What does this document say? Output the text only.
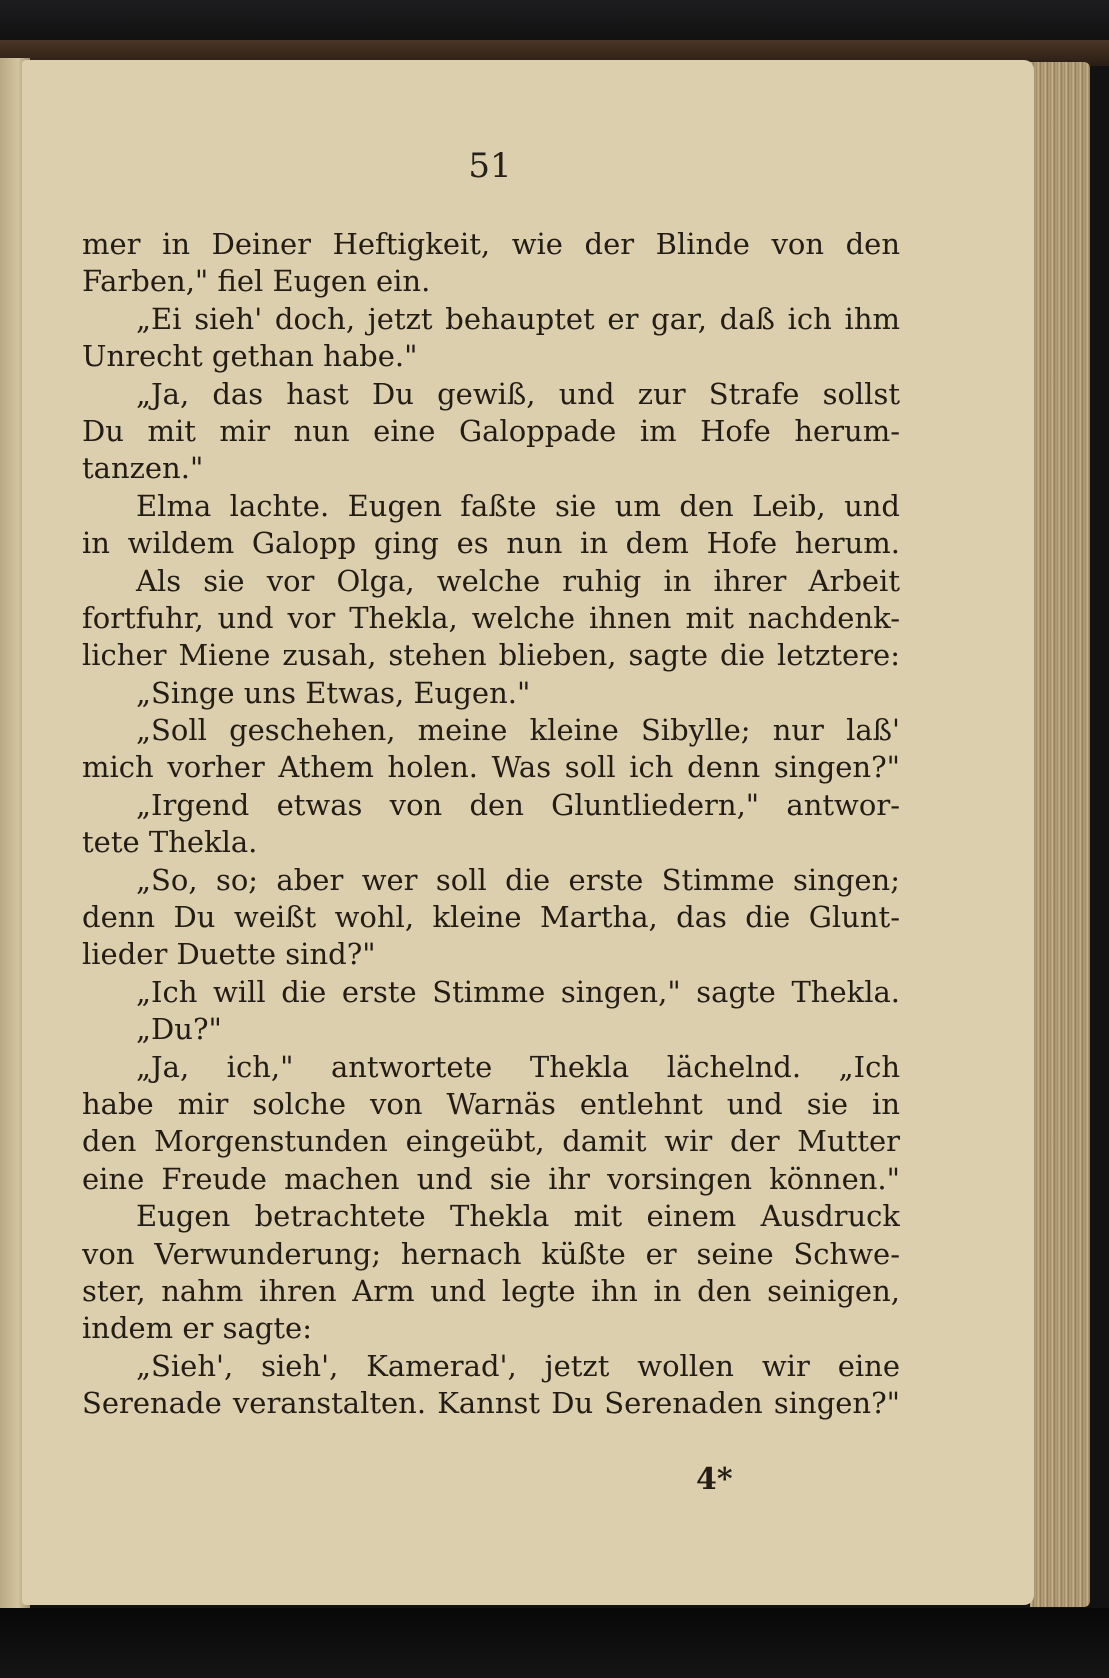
51
mer in Deiner Heftigkeit, wie der Blinde von den
Farben," fiel Eugen ein.
„Ei sieh' doch, jetzt behauptet er gar, daß ich ihm
Unrecht gethan habe."
„Ja, das hast Du gewiß, und zur Strafe sollst
Du mit mir nun eine Galoppade im Hofe herum-
tanzen."
Elma lachte. Eugen faßte sie um den Leib, und
in wildem Galopp ging es nun in dem Hofe herum.
Als sie vor Olga, welche ruhig in ihrer Arbeit
fortfuhr, und vor Thekla, welche ihnen mit nachdenk-
licher Miene zusah, stehen blieben, sagte die letztere:
„Singe uns Etwas, Eugen."
„Soll geschehen, meine kleine Sibylle; nur laß'
mich vorher Athem holen. Was soll ich denn singen?"
„Irgend etwas von den Gluntliedern," antwor-
tete Thekla.
„So, so; aber wer soll die erste Stimme singen;
denn Du weißt wohl, kleine Martha, das die Glunt-
lieder Duette sind?"
„Ich will die erste Stimme singen," sagte Thekla.
„Du?"
„Ja, ich," antwortete Thekla lächelnd. „Ich
habe mir solche von Warnäs entlehnt und sie in
den Morgenstunden eingeübt, damit wir der Mutter
eine Freude machen und sie ihr vorsingen können."
Eugen betrachtete Thekla mit einem Ausdruck
von Verwunderung; hernach küßte er seine Schwe-
ster, nahm ihren Arm und legte ihn in den seinigen,
indem er sagte:
„Sieh', sieh', Kamerad', jetzt wollen wir eine
Serenade veranstalten. Kannst Du Serenaden singen?"
4*
